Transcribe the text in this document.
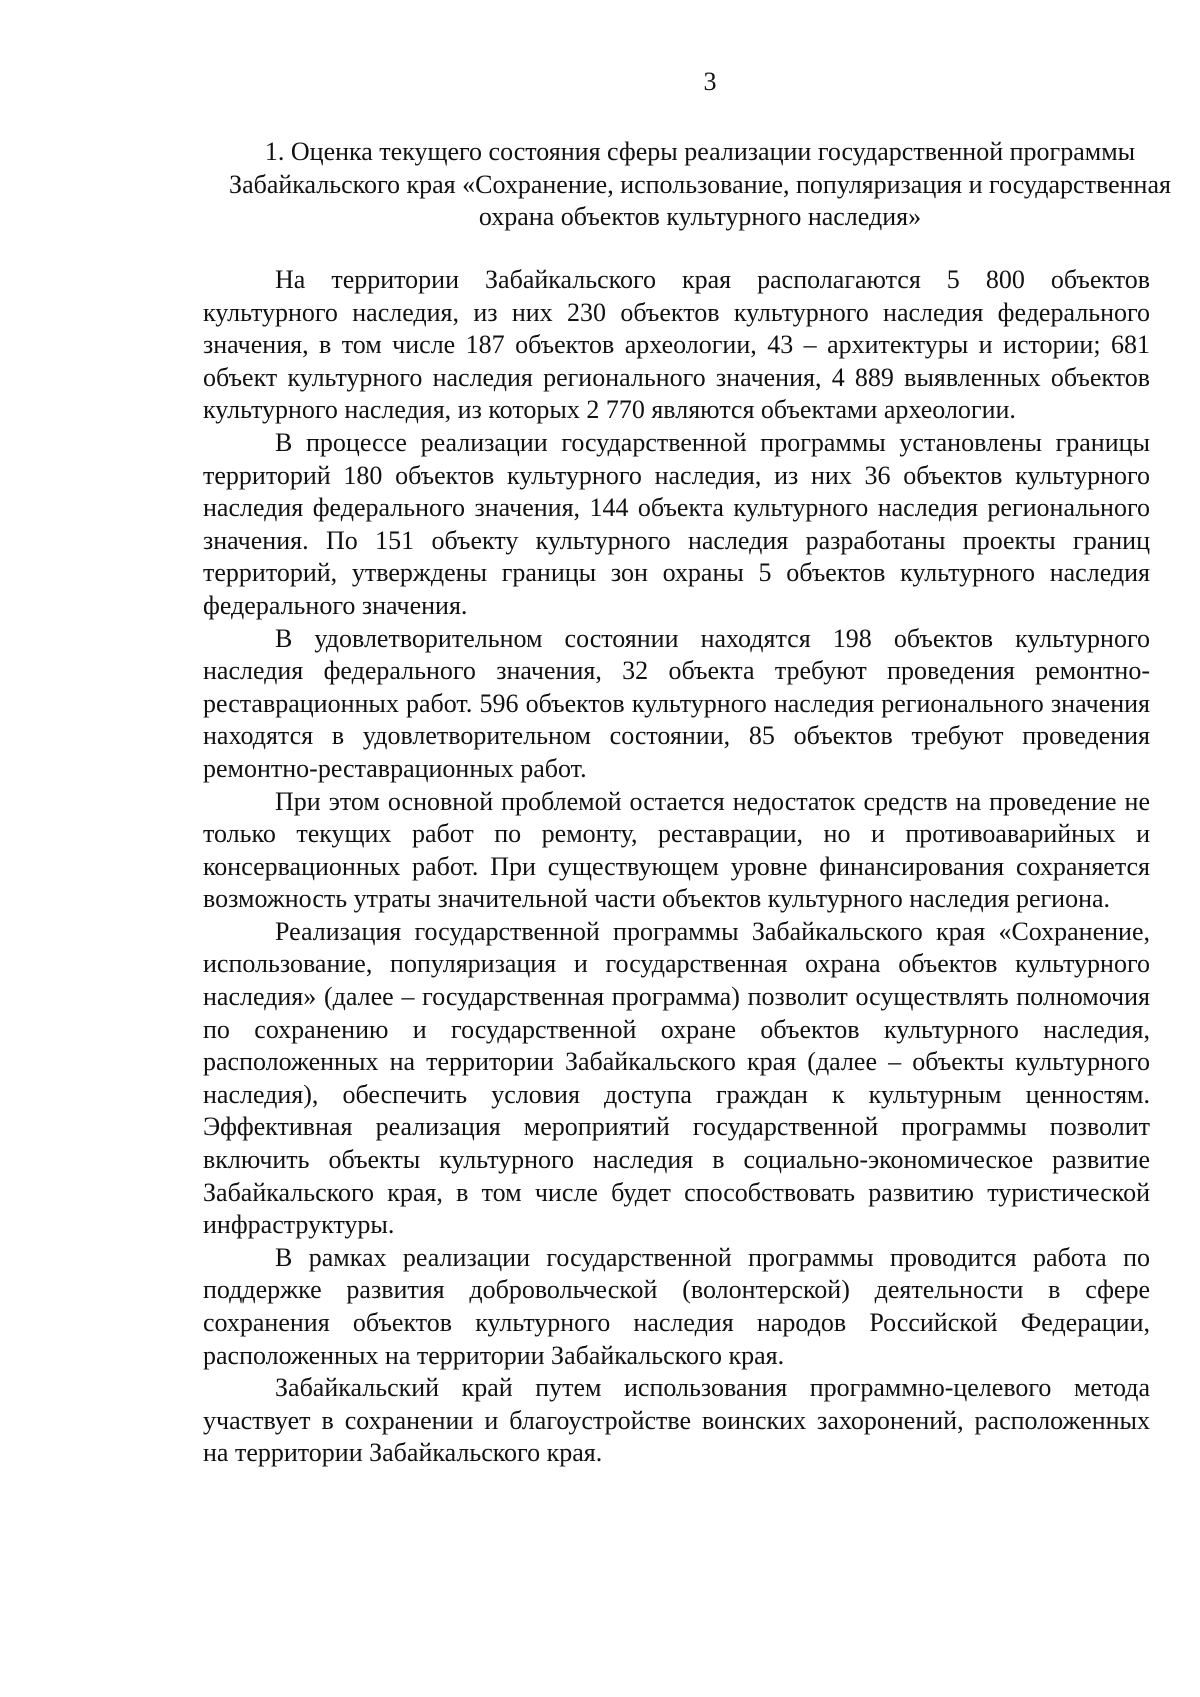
3
1. Оценка текущего состояния сферы реализации государственной программы Забайкальского края «Сохранение, использование, популяризация и государственная охрана объектов культурного наследия»

На территории Забайкальского края располагаются 5 800 объектов культурного наследия, из них 230 объектов культурного наследия федерального значения, в том числе 187 объектов археологии, 43 – архитектуры и истории; 681 объект культурного наследия регионального значения, 4 889 выявленных объектов культурного наследия, из которых 2 770 являются объектами археологии.

В процессе реализации государственной программы установлены границы территорий 180 объектов культурного наследия, из них 36 объектов культурного наследия федерального значения, 144 объекта культурного наследия регионального значения. По 151 объекту культурного наследия разработаны проекты границ территорий, утверждены границы зон охраны 5 объектов культурного наследия федерального значения.

В удовлетворительном состоянии находятся 198 объектов культурного наследия федерального значения, 32 объекта требуют проведения ремонтно-реставрационных работ. 596 объектов культурного наследия регионального значения находятся в удовлетворительном состоянии, 85 объектов требуют проведения ремонтно-реставрационных работ.

При этом основной проблемой остается недостаток средств на проведение не только текущих работ по ремонту, реставрации, но и противоаварийных и консервационных работ. При существующем уровне финансирования сохраняется возможность утраты значительной части объектов культурного наследия региона.

Реализация государственной программы Забайкальского края «Сохранение, использование, популяризация и государственная охрана объектов культурного наследия» (далее – государственная программа) позволит осуществлять полномочия по сохранению и государственной охране объектов культурного наследия, расположенных на территории Забайкальского края (далее – объекты культурного наследия), обеспечить условия доступа граждан к культурным ценностям. Эффективная реализация мероприятий государственной программы позволит включить объекты культурного наследия в социально-экономическое развитие Забайкальского края, в том числе будет способствовать развитию туристической инфраструктуры.

В рамках реализации государственной программы проводится работа по поддержке развития добровольческой (волонтерской) деятельности в сфере сохранения объектов культурного наследия народов Российской Федерации, расположенных на территории Забайкальского края.

Забайкальский край путем использования программно-целевого метода участвует в сохранении и благоустройстве воинских захоронений, расположенных на территории Забайкальского края.
